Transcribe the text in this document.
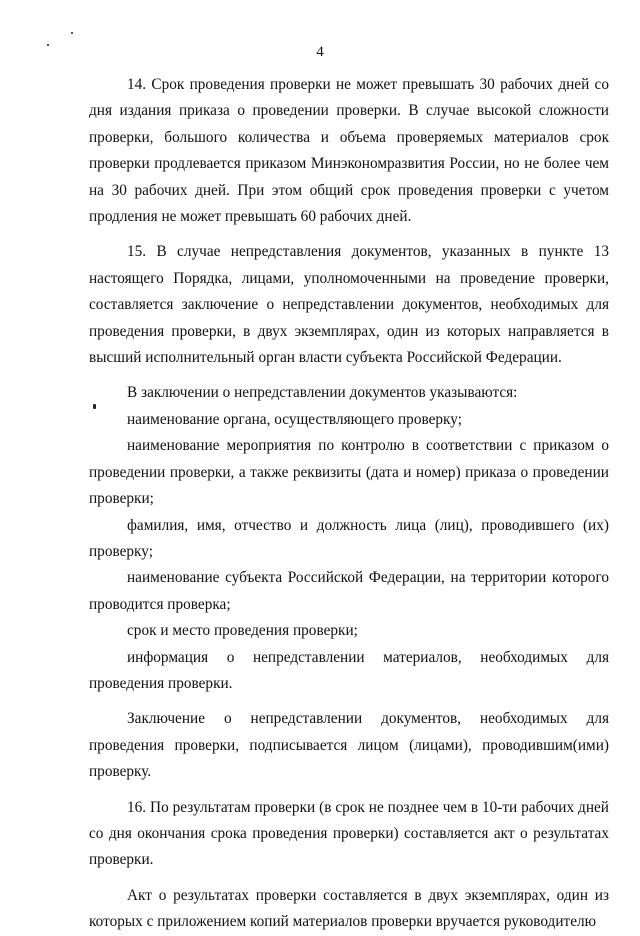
4

14. Срок проведения проверки не может превышать 30 рабочих дней со дня издания приказа о проведении проверки. В случае высокой сложности проверки, большого количества и объема проверяемых материалов срок проверки продлевается приказом Минэкономразвития России, но не более чем на 30 рабочих дней. При этом общий срок проведения проверки с учетом продления не может превышать 60 рабочих дней.

15. В случае непредставления документов, указанных в пункте 13 настоящего Порядка, лицами, уполномоченными на проведение проверки, составляется заключение о непредставлении документов, необходимых для проведения проверки, в двух экземплярах, один из которых направляется в высший исполнительный орган власти субъекта Российской Федерации.

В заключении о непредставлении документов указываются:

наименование органа, осуществляющего проверку;

наименование мероприятия по контролю в соответствии с приказом о проведении проверки, а также реквизиты (дата и номер) приказа о проведении проверки;

фамилия, имя, отчество и должность лица (лиц), проводившего (их) проверку;

наименование субъекта Российской Федерации, на территории которого проводится проверка;

срок и место проведения проверки;

информация о непредставлении материалов, необходимых для проведения проверки.

Заключение о непредставлении документов, необходимых для проведения проверки, подписывается лицом (лицами), проводившим(ими) проверку.

16. По результатам проверки (в срок не позднее чем в 10-ти рабочих дней со дня окончания срока проведения проверки) составляется акт о результатах проверки.

Акт о результатах проверки составляется в двух экземплярах, один из которых с приложением копий материалов проверки вручается руководителю
